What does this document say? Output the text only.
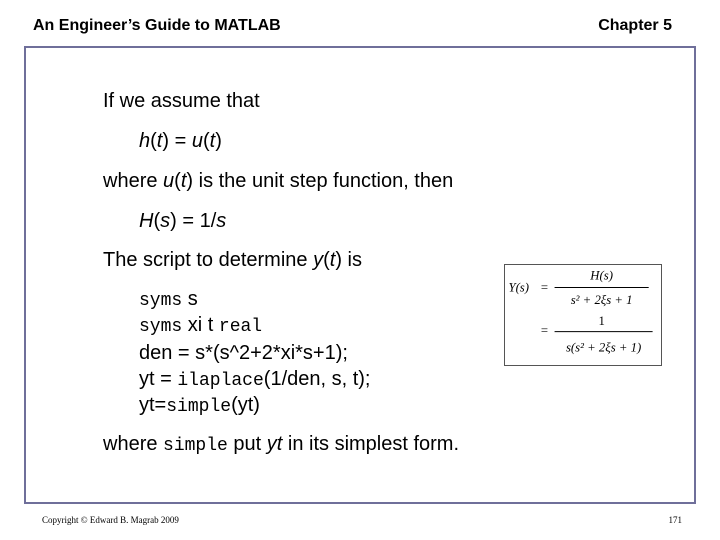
An Engineer’s Guide to MATLAB	Chapter 5
If we assume that
h(t) = u(t)
where u(t) is the unit step function, then
H(s) = 1/s
The script to determine y(t) is
syms s
syms xi t real
den = s*(s^2+2*xi*s+1);
yt = ilaplace(1/den, s, t);
yt=simple(yt)
where simple put yt in its simplest form.
Y(s) =
H(s)
s² + 2ξs + 1
=
1
s(s² + 2ξs + 1)
Copyright © Edward B. Magrab 2009	171
